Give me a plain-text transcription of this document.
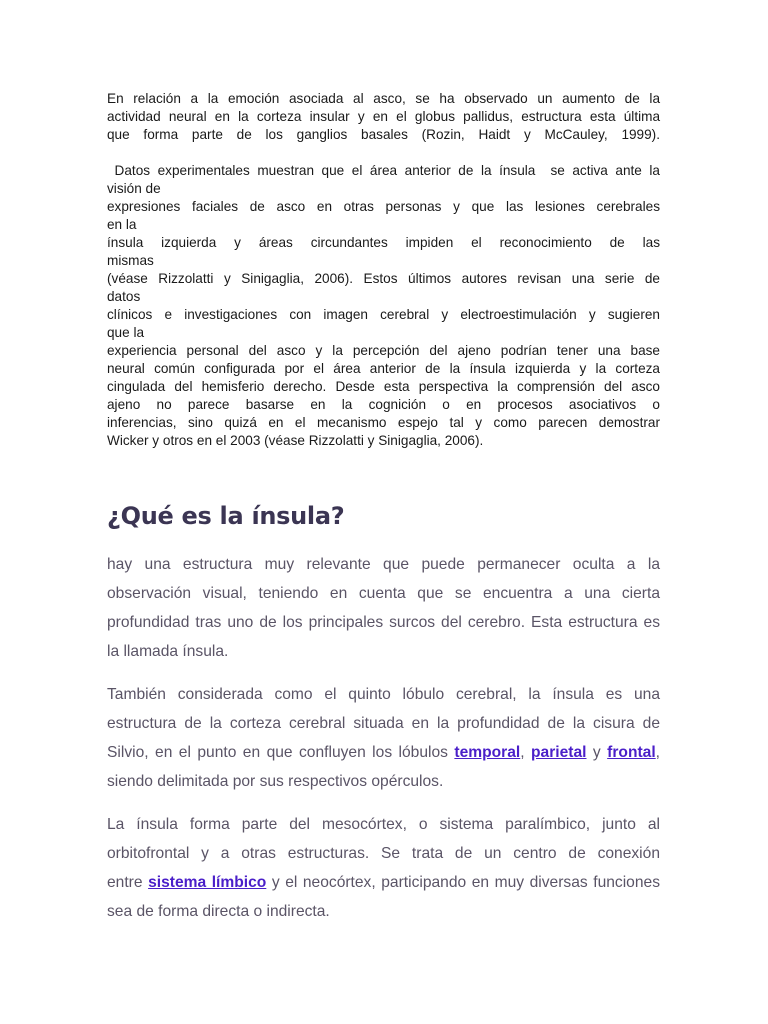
En relación a la emoción asociada al asco, se ha observado un aumento de la
actividad neural en la corteza insular y en el globus pallidus, estructura esta última
que forma parte de los ganglios basales (Rozin, Haidt y McCauley, 1999).
Datos experimentales muestran que el área anterior de la ínsula  se activa ante la
visión de
expresiones faciales de asco en otras personas y que las lesiones cerebrales
en la
ínsula izquierda y áreas circundantes impiden el reconocimiento de las
mismas
(véase Rizzolatti y Sinigaglia, 2006). Estos últimos autores revisan una serie de
datos
clínicos e investigaciones con imagen cerebral y electroestimulación y sugieren
que la
experiencia personal del asco y la percepción del ajeno podrían tener una base
neural común configurada por el área anterior de la ínsula izquierda y la corteza
cingulada del hemisferio derecho. Desde esta perspectiva la comprensión del asco
ajeno no parece basarse en la cognición o en procesos asociativos o
inferencias, sino quizá en el mecanismo espejo tal y como parecen demostrar
Wicker y otros en el 2003 (véase Rizzolatti y Sinigaglia, 2006).
¿Qué es la ínsula?

hay una estructura muy relevante que puede permanecer oculta a la
observación visual, teniendo en cuenta que se encuentra a una cierta
profundidad tras uno de los principales surcos del cerebro. Esta estructura es
la llamada ínsula.

También considerada como el quinto lóbulo cerebral, la ínsula es una
estructura de la corteza cerebral situada en la profundidad de la cisura de
Silvio, en el punto en que confluyen los lóbulos temporal, parietal y frontal,
siendo delimitada por sus respectivos opérculos.

La ínsula forma parte del mesocórtex, o sistema paralímbico, junto al
orbitofrontal y a otras estructuras. Se trata de un centro de conexión
entre sistema límbico y el neocórtex, participando en muy diversas funciones
sea de forma directa o indirecta.
